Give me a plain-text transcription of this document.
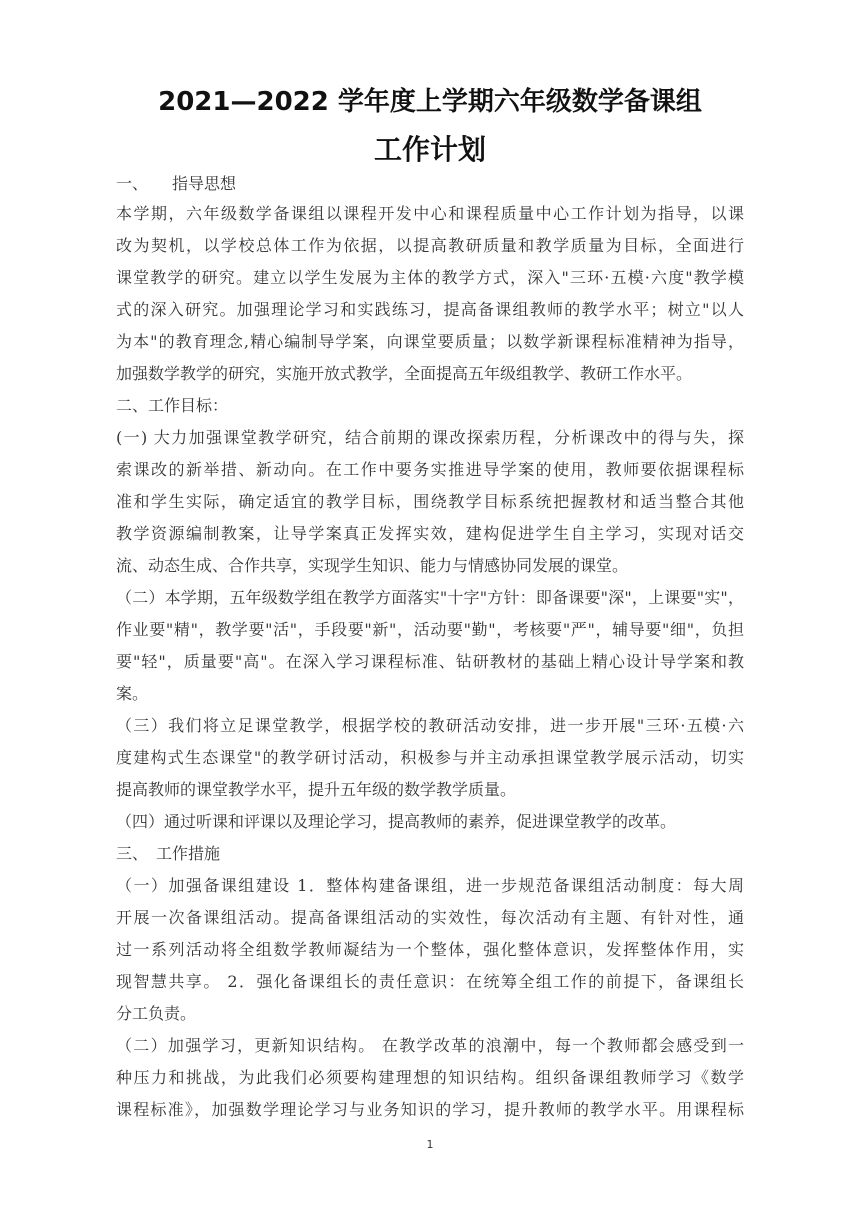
2021—2022 学年度上学期六年级数学备课组
工作计划
一、　　指导思想
本学期，六年级数学备课组以课程开发中心和课程质量中心工作计划为指导，以课
改为契机，以学校总体工作为依据，以提高教研质量和教学质量为目标，全面进行
课堂教学的研究。建立以学生发展为主体的教学方式，深入"三环·五模·六度"教学模
式的深入研究。加强理论学习和实践练习，提高备课组教师的教学水平；树立"以人
为本"的教育理念,精心编制导学案，向课堂要质量；以数学新课程标准精神为指导，
加强数学教学的研究，实施开放式教学，全面提高五年级组教学、教研工作水平。
二、工作目标：
(一) 大力加强课堂教学研究，结合前期的课改探索历程，分析课改中的得与失，探
索课改的新举措、新动向。在工作中要务实推进导学案的使用，教师要依据课程标
准和学生实际，确定适宜的教学目标，围绕教学目标系统把握教材和适当整合其他
教学资源编制教案，让导学案真正发挥实效，建构促进学生自主学习，实现对话交
流、动态生成、合作共享，实现学生知识、能力与情感协同发展的课堂。
（二）本学期，五年级数学组在教学方面落实"十字"方针：即备课要"深"，上课要"实"，
作业要"精"，教学要"活"，手段要"新"，活动要"勤"，考核要"严"，辅导要"细"，负担
要"轻"，质量要"高"。在深入学习课程标准、钻研教材的基础上精心设计导学案和教
案。
（三）我们将立足课堂教学，根据学校的教研活动安排，进一步开展"三环·五模·六
度建构式生态课堂"的教学研讨活动，积极参与并主动承担课堂教学展示活动，切实
提高教师的课堂教学水平，提升五年级的数学教学质量。
（四）通过听课和评课以及理论学习，提高教师的素养，促进课堂教学的改革。
三、　工作措施
（一）加强备课组建设 1．整体构建备课组，进一步规范备课组活动制度：每大周
开展一次备课组活动。提高备课组活动的实效性，每次活动有主题、有针对性，通
过一系列活动将全组数学教师凝结为一个整体，强化整体意识，发挥整体作用，实
现智慧共享。 2．强化备课组长的责任意识：在统筹全组工作的前提下，备课组长
分工负责。
（二）加强学习，更新知识结构。 在教学改革的浪潮中，每一个教师都会感受到一
种压力和挑战，为此我们必须要构建理想的知识结构。组织备课组教师学习《数学
课程标准》，加强数学理论学习与业务知识的学习，提升教师的教学水平。用课程标
1
